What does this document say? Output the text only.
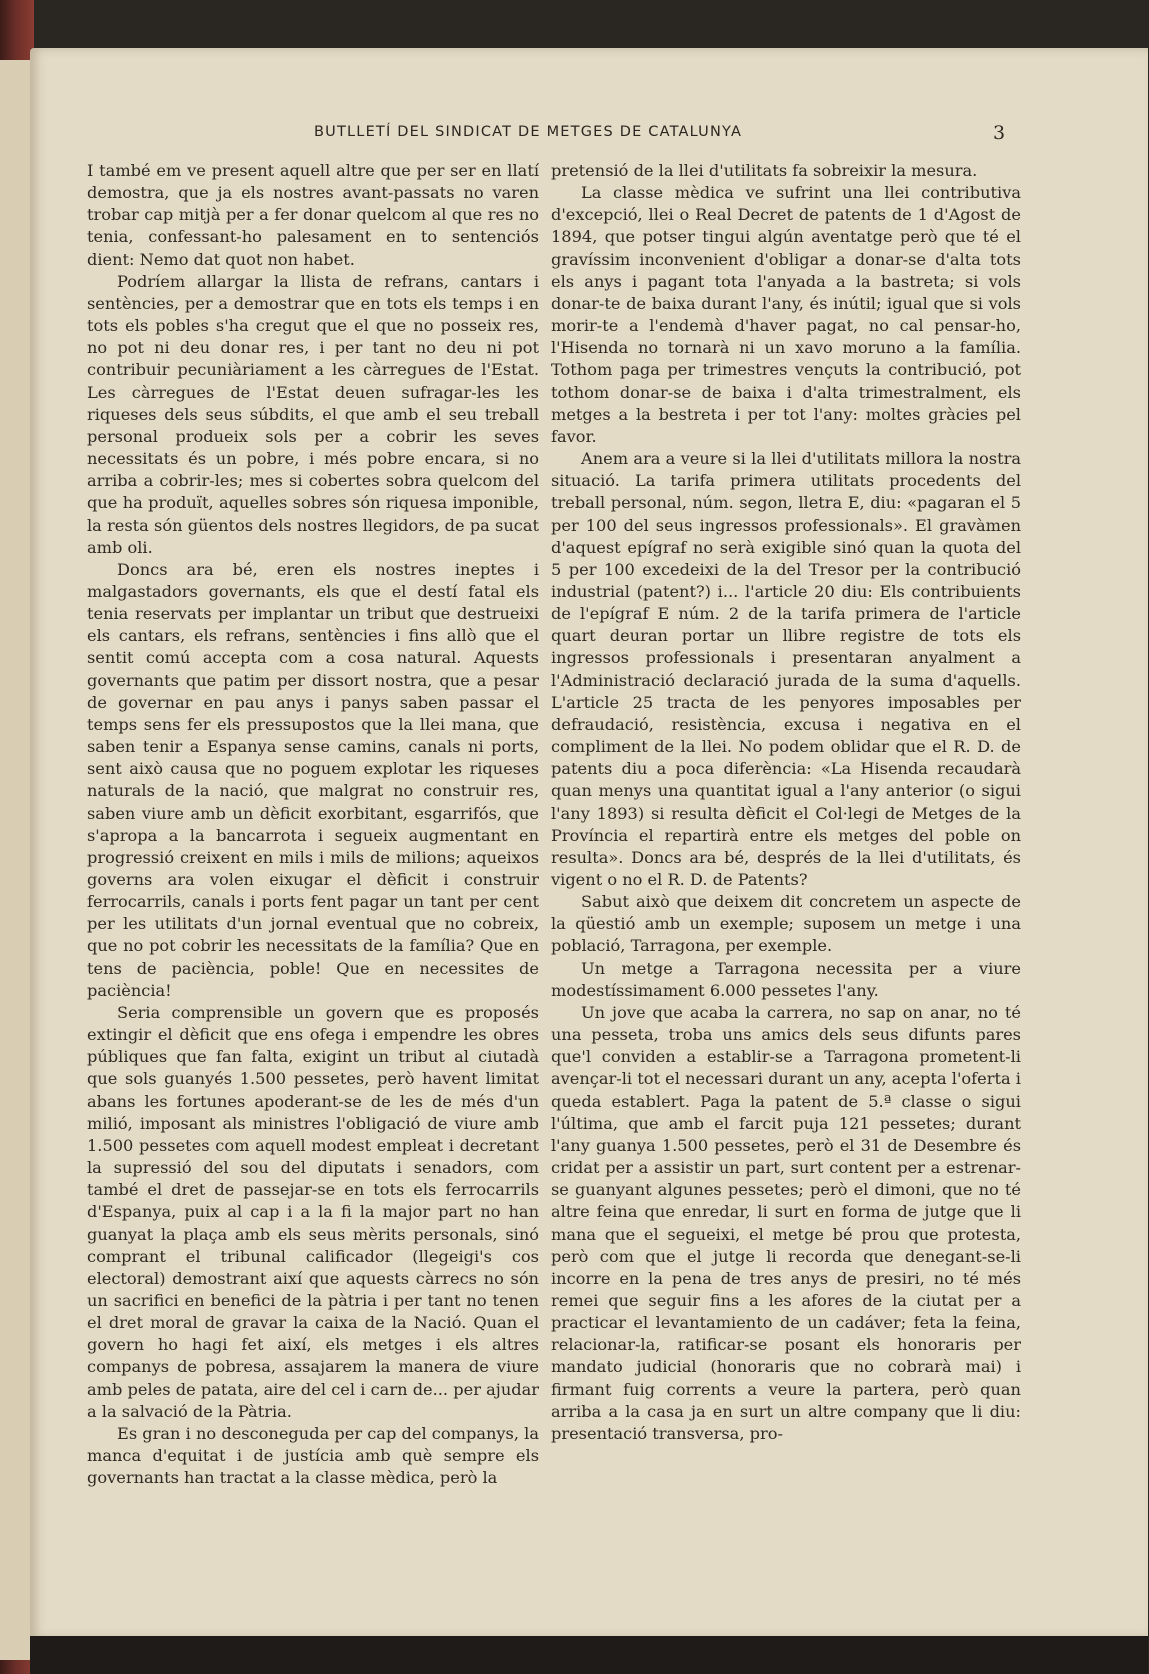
BUTLLETÍ DEL SINDICAT DE METGES DE CATALUNYA	3

I també em ve present aquell altre que per ser en llatí demostra, que ja els nostres avant-passats no varen trobar cap mitjà per a fer donar quelcom al que res no tenia, confessant-ho palesament en to sentenciós dient: Nemo dat quot non habet.

Podríem allargar la llista de refrans, cantars i sentències, per a demostrar que en tots els temps i en tots els pobles s'ha cregut que el que no posseix res, no pot ni deu donar res, i per tant no deu ni pot contribuir pecuniàriament a les càrregues de l'Estat. Les càrregues de l'Estat deuen sufragar-les les riqueses dels seus súbdits, el que amb el seu treball personal produeix sols per a cobrir les seves necessitats és un pobre, i més pobre encara, si no arriba a cobrir-les; mes si cobertes sobra quelcom del que ha produït, aquelles sobres són riquesa imponible, la resta són güentos dels nostres llegidors, de pa sucat amb oli.

Doncs ara bé, eren els nostres ineptes i malgastadors governants, els que el destí fatal els tenia reservats per implantar un tribut que destrueixi els cantars, els refrans, sentències i fins allò que el sentit comú accepta com a cosa natural. Aquests governants que patim per dissort nostra, que a pesar de governar en pau anys i panys saben passar el temps sens fer els pressupostos que la llei mana, que saben tenir a Espanya sense camins, canals ni ports, sent això causa que no poguem explotar les riqueses naturals de la nació, que malgrat no construir res, saben viure amb un dèficit exorbitant, esgarrifós, que s'apropa a la bancarrota i segueix augmentant en progressió creixent en mils i mils de milions; aqueixos governs ara volen eixugar el dèficit i construir ferrocarrils, canals i ports fent pagar un tant per cent per les utilitats d'un jornal eventual que no cobreix, que no pot cobrir les necessitats de la família? Que en tens de paciència, poble! Que en necessites de paciència!

Seria comprensible un govern que es proposés extingir el dèficit que ens ofega i empendre les obres públiques que fan falta, exigint un tribut al ciutadà que sols guanyés 1.500 pessetes, però havent limitat abans les fortunes apoderant-se de les de més d'un milió, imposant als ministres l'obligació de viure amb 1.500 pessetes com aquell modest empleat i decretant la supressió del sou del diputats i senadors, com també el dret de passejar-se en tots els ferrocarrils d'Espanya, puix al cap i a la fi la major part no han guanyat la plaça amb els seus mèrits personals, sinó comprant el tribunal calificador (llegeigi's cos electoral) demostrant així que aquests càrrecs no són un sacrifici en benefici de la pàtria i per tant no tenen el dret moral de gravar la caixa de la Nació. Quan el govern ho hagi fet així, els metges i els altres companys de pobresa, assajarem la manera de viure amb peles de patata, aire del cel i carn de... per ajudar a la salvació de la Pàtria.

Es gran i no desconeguda per cap del companys, la manca d'equitat i de justícia amb què sempre els governants han tractat a la classe mèdica, però la

pretensió de la llei d'utilitats fa sobreixir la mesura.

La classe mèdica ve sufrint una llei contributiva d'excepció, llei o Real Decret de patents de 1 d'Agost de 1894, que potser tingui algún aventatge però que té el gravíssim inconvenient d'obligar a donar-se d'alta tots els anys i pagant tota l'anyada a la bastreta; si vols donar-te de baixa durant l'any, és inútil; igual que si vols morir-te a l'endemà d'haver pagat, no cal pensar-ho, l'Hisenda no tornarà ni un xavo moruno a la família. Tothom paga per trimestres vençuts la contribució, pot tothom donar-se de baixa i d'alta trimestralment, els metges a la bestreta i per tot l'any: moltes gràcies pel favor.

Anem ara a veure si la llei d'utilitats millora la nostra situació. La tarifa primera utilitats procedents del treball personal, núm. segon, lletra E, diu: «pagaran el 5 per 100 del seus ingressos professionals». El gravàmen d'aquest epígraf no serà exigible sinó quan la quota del 5 per 100 excedeixi de la del Tresor per la contribució industrial (patent?) i... l'article 20 diu: Els contribuients de l'epígraf E núm. 2 de la tarifa primera de l'article quart deuran portar un llibre registre de tots els ingressos professionals i presentaran anyalment a l'Administració declaració jurada de la suma d'aquells. L'article 25 tracta de les penyores imposables per defraudació, resistència, excusa i negativa en el compliment de la llei. No podem oblidar que el R. D. de patents diu a poca diferència: «La Hisenda recaudarà quan menys una quantitat igual a l'any anterior (o sigui l'any 1893) si resulta dèficit el Col·legi de Metges de la Província el repartirà entre els metges del poble on resulta». Doncs ara bé, després de la llei d'utilitats, és vigent o no el R. D. de Patents?

Sabut això que deixem dit concretem un aspecte de la qüestió amb un exemple; suposem un metge i una població, Tarragona, per exemple.

Un metge a Tarragona necessita per a viure modestíssimament 6.000 pessetes l'any.

Un jove que acaba la carrera, no sap on anar, no té una pesseta, troba uns amics dels seus difunts pares que'l conviden a establir-se a Tarragona prometent-li avençar-li tot el necessari durant un any, acepta l'oferta i queda establert. Paga la patent de 5.ª classe o sigui l'última, que amb el farcit puja 121 pessetes; durant l'any guanya 1.500 pessetes, però el 31 de Desembre és cridat per a assistir un part, surt content per a estrenar-se guanyant algunes pessetes; però el dimoni, que no té altre feina que enredar, li surt en forma de jutge que li mana que el segueixi, el metge bé prou que protesta, però com que el jutge li recorda que denegant-se-li incorre en la pena de tres anys de presiri, no té més remei que seguir fins a les afores de la ciutat per a practicar el levantamiento de un cadáver; feta la feina, relacionar-la, ratificar-se posant els honoraris per mandato judicial (honoraris que no cobrarà mai) i firmant fuig corrents a veure la partera, però quan arriba a la casa ja en surt un altre company que li diu: presentació transversa, pro-
